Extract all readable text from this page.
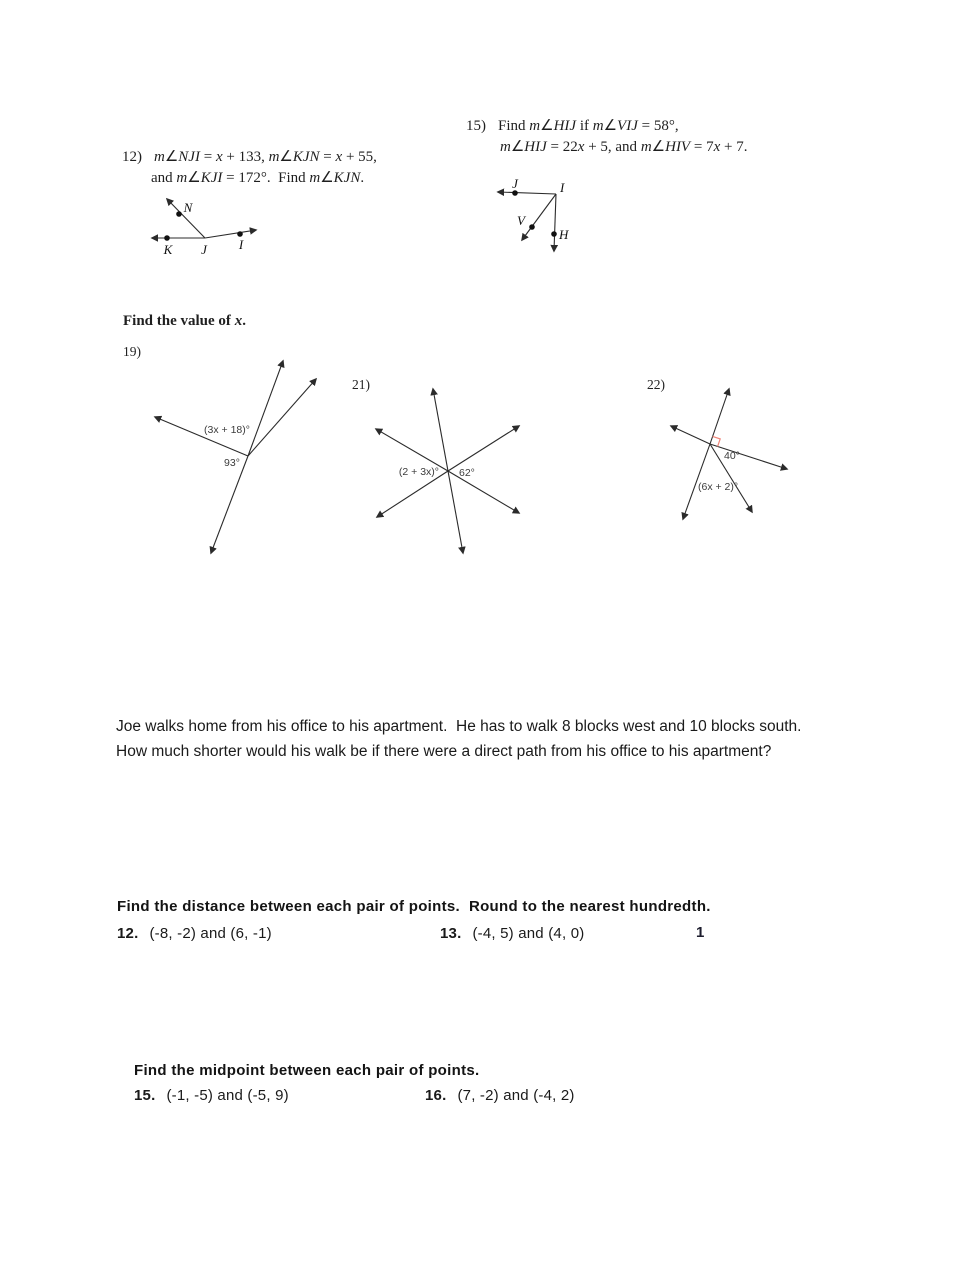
12) m∠NJI = x + 133, m∠KJN = x + 55,
and m∠KJI = 172°.  Find m∠KJN.
N
K J I
15) Find m∠HIJ if m∠VIJ = 58°,
m∠HIJ = 22x + 5, and m∠HIV = 7x + 7.
J	I
V
H
Find the value of x.
19)
(3x + 18)°
93°
21)
(2 + 3x)° 62°
22)
40°
(6x + 2)°
Joe walks home from his office to his apartment.  He has to walk 8 blocks west and 10 blocks south.
How much shorter would his walk be if there were a direct path from his office to his apartment?
Find the distance between each pair of points.  Round to the nearest hundredth.
12. (-8, -2) and (6, -1)	13. (-4, 5) and (4, 0)	1
Find the midpoint between each pair of points.
15. (-1, -5) and (-5, 9)	16. (7, -2) and (-4, 2)
